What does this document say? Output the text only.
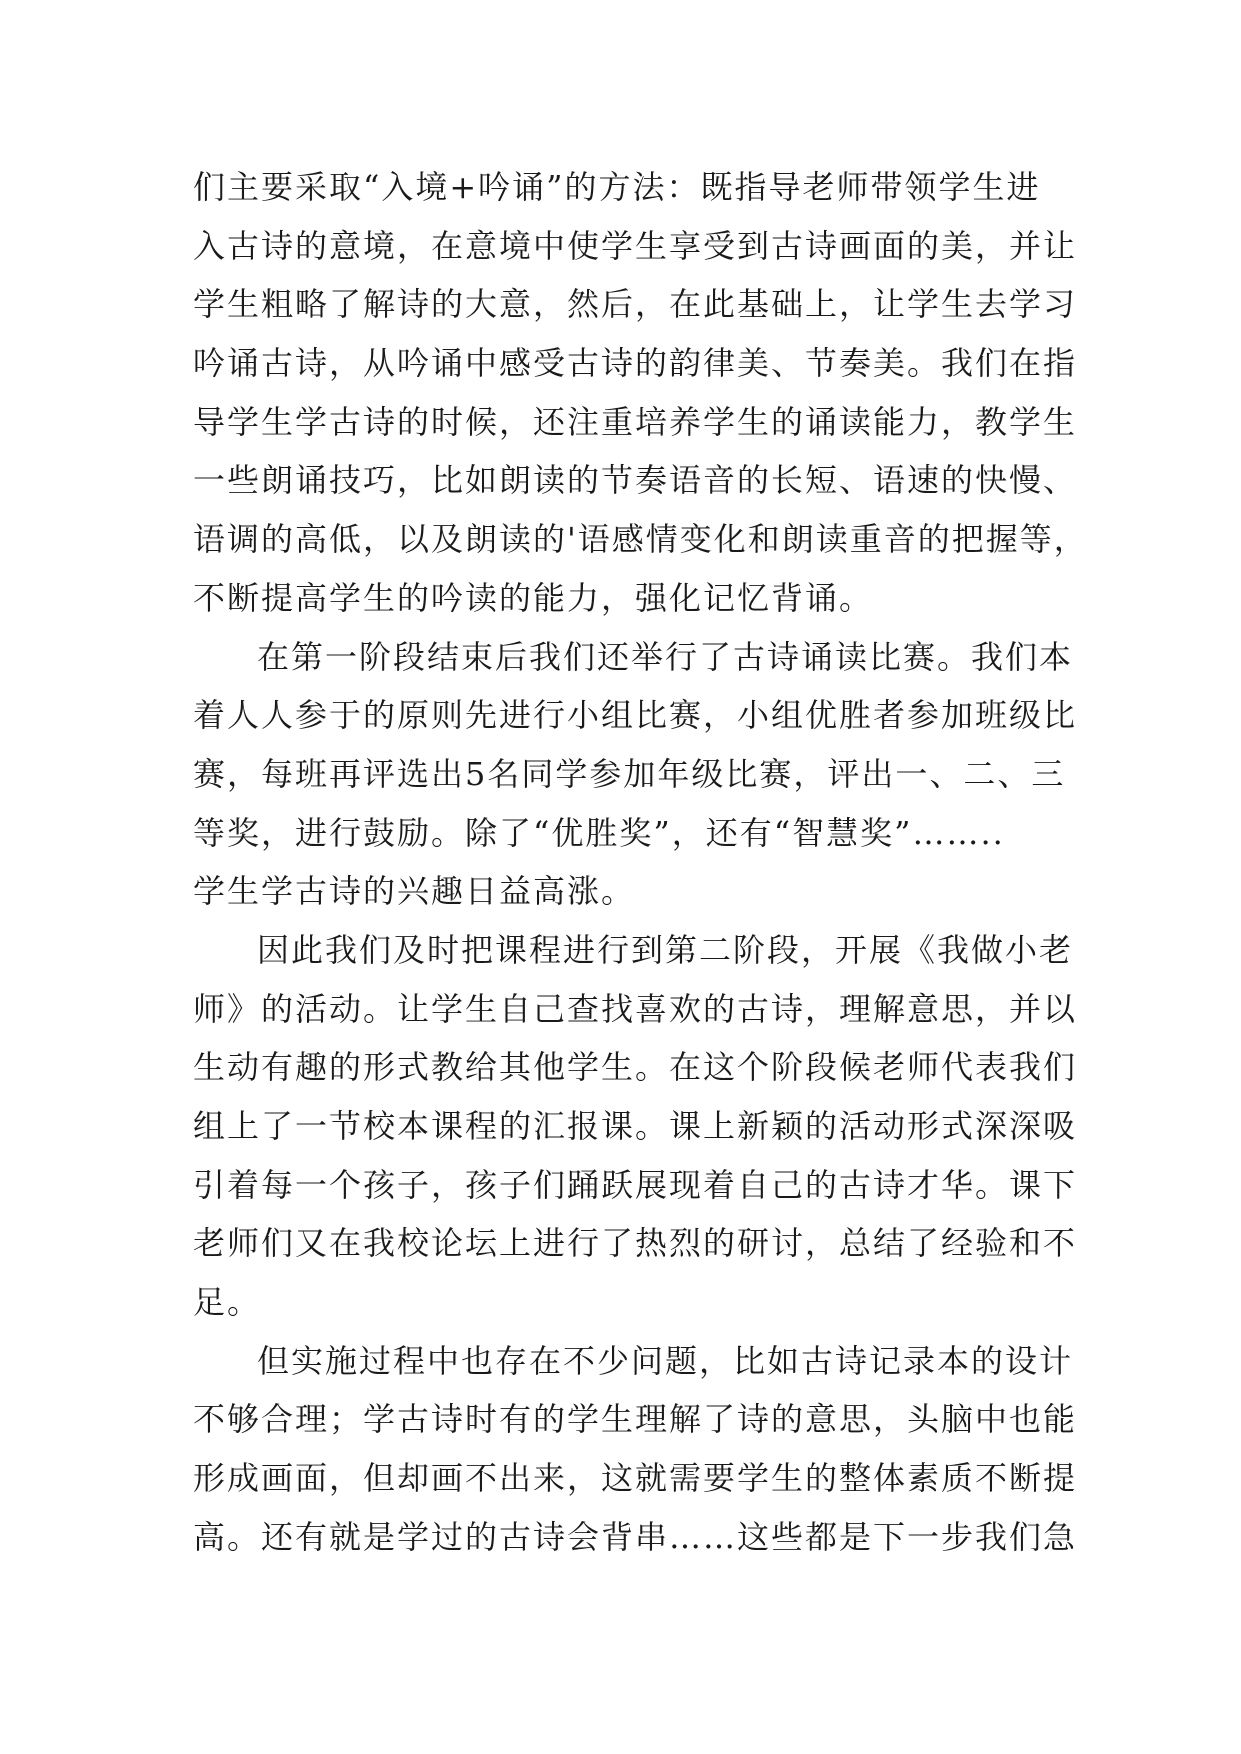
们主要采取“入境+吟诵”的方法：既指导老师带领学生进
入古诗的意境，在意境中使学生享受到古诗画面的美，并让
学生粗略了解诗的大意，然后，在此基础上，让学生去学习
吟诵古诗，从吟诵中感受古诗的韵律美、节奏美。我们在指
导学生学古诗的时候，还注重培养学生的诵读能力，教学生
一些朗诵技巧，比如朗读的节奏语音的长短、语速的快慢、
语调的高低，以及朗读的'语感情变化和朗读重音的把握等，
不断提高学生的吟读的能力，强化记忆背诵。
在第一阶段结束后我们还举行了古诗诵读比赛。我们本
着人人参于的原则先进行小组比赛，小组优胜者参加班级比
赛，每班再评选出5名同学参加年级比赛，评出一、二、三
等奖，进行鼓励。除了“优胜奖”，还有“智慧奖”……..
学生学古诗的兴趣日益高涨。
因此我们及时把课程进行到第二阶段，开展《我做小老
师》的活动。让学生自己查找喜欢的古诗，理解意思，并以
生动有趣的形式教给其他学生。在这个阶段候老师代表我们
组上了一节校本课程的汇报课。课上新颖的活动形式深深吸
引着每一个孩子，孩子们踊跃展现着自己的古诗才华。课下
老师们又在我校论坛上进行了热烈的研讨，总结了经验和不
足。
但实施过程中也存在不少问题，比如古诗记录本的设计
不够合理；学古诗时有的学生理解了诗的意思，头脑中也能
形成画面，但却画不出来，这就需要学生的整体素质不断提
高。还有就是学过的古诗会背串……这些都是下一步我们急
